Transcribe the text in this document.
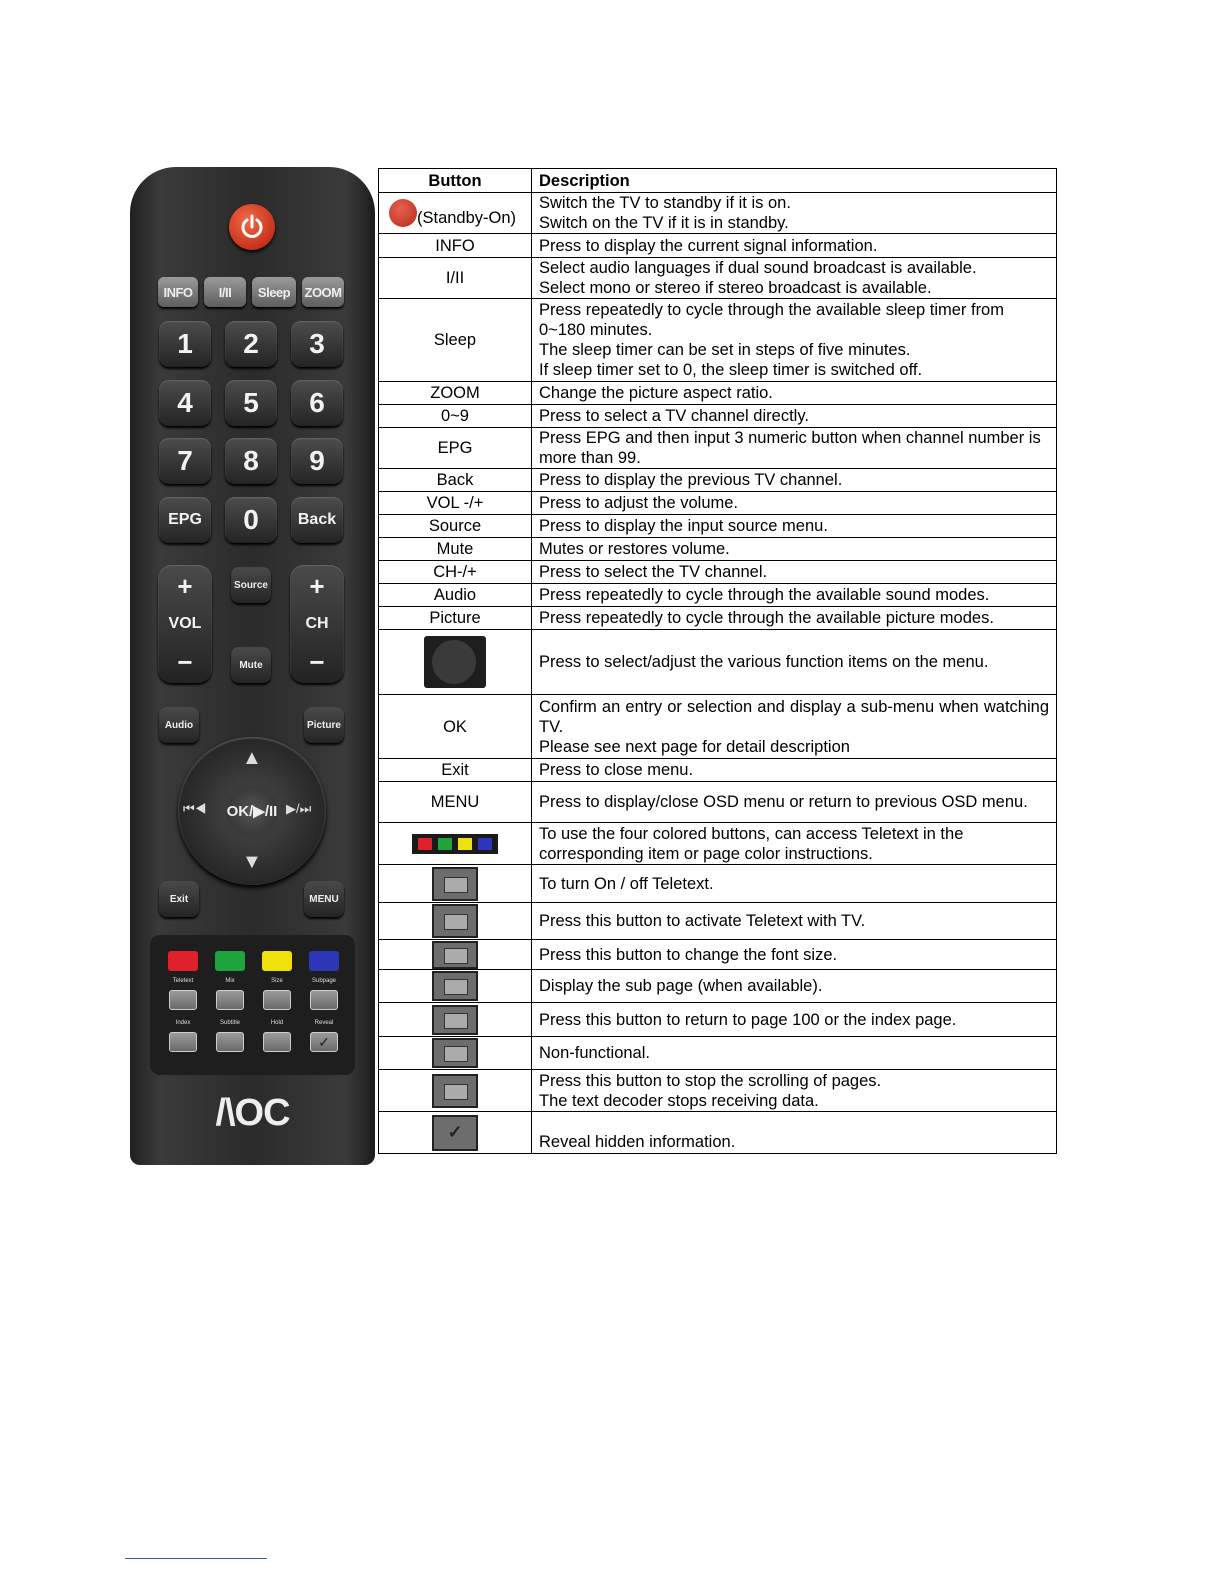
INFO	I/II	Sleep	ZOOM
1	2	3
4	5	6
7	8	9
EPG	0	Back
+
VOL
−
+
CH
−
Source
Mute
Audio	Picture
▲
▼
⏮◀	▶/⏭
OK/▶/II
Exit	MENU
Teletext	Mix	Size	Subpage
Index	Subtitle	Hold	Reveal
✓
/\OC
Button	Description
(Standby-On)	Switch the TV to standby if it is on.
Switch on the TV if it is in standby.

INFO	Press to display the current signal information.
I/II	Select audio languages if dual sound broadcast is available.
Select mono or stereo if stereo broadcast is available.

Sleep	Press repeatedly to cycle through the available sleep timer from 0~180 minutes.
The sleep timer can be set in steps of five minutes.
If sleep timer set to 0, the sleep timer is switched off.

ZOOM	Change the picture aspect ratio.
0~9	Press to select a TV channel directly.
EPG	Press EPG and then input 3 numeric button when channel number is more than 99.
Back	Press to display the previous TV channel.
VOL -/+	Press to adjust the volume.
Source	Press to display the input source menu.
Mute	Mutes or restores volume.
CH-/+	Press to select the TV channel.
Audio	Press repeatedly to cycle through the available sound modes.
Picture	Press repeatedly to cycle through the available picture modes.

	Press to select/adjust the various function items on the menu.
OK	Confirm an entry or selection and display a sub-menu when watching TV.
Please see next page for detail description

Exit	Press to close menu.
MENU	Press to display/close OSD menu or return to previous OSD menu.

	To use the four colored buttons, can access Teletext in the corresponding item or page color instructions.

	To turn On / off Teletext.

	Press this button to activate Teletext with TV.

	Press this button to change the font size.

	Display the sub page (when available).

	Press this button to return to page 100 or the index page.

	Non-functional.

	Press this button to stop the scrolling of pages.
The text decoder stops receiving data.

✓	Reveal hidden information.
